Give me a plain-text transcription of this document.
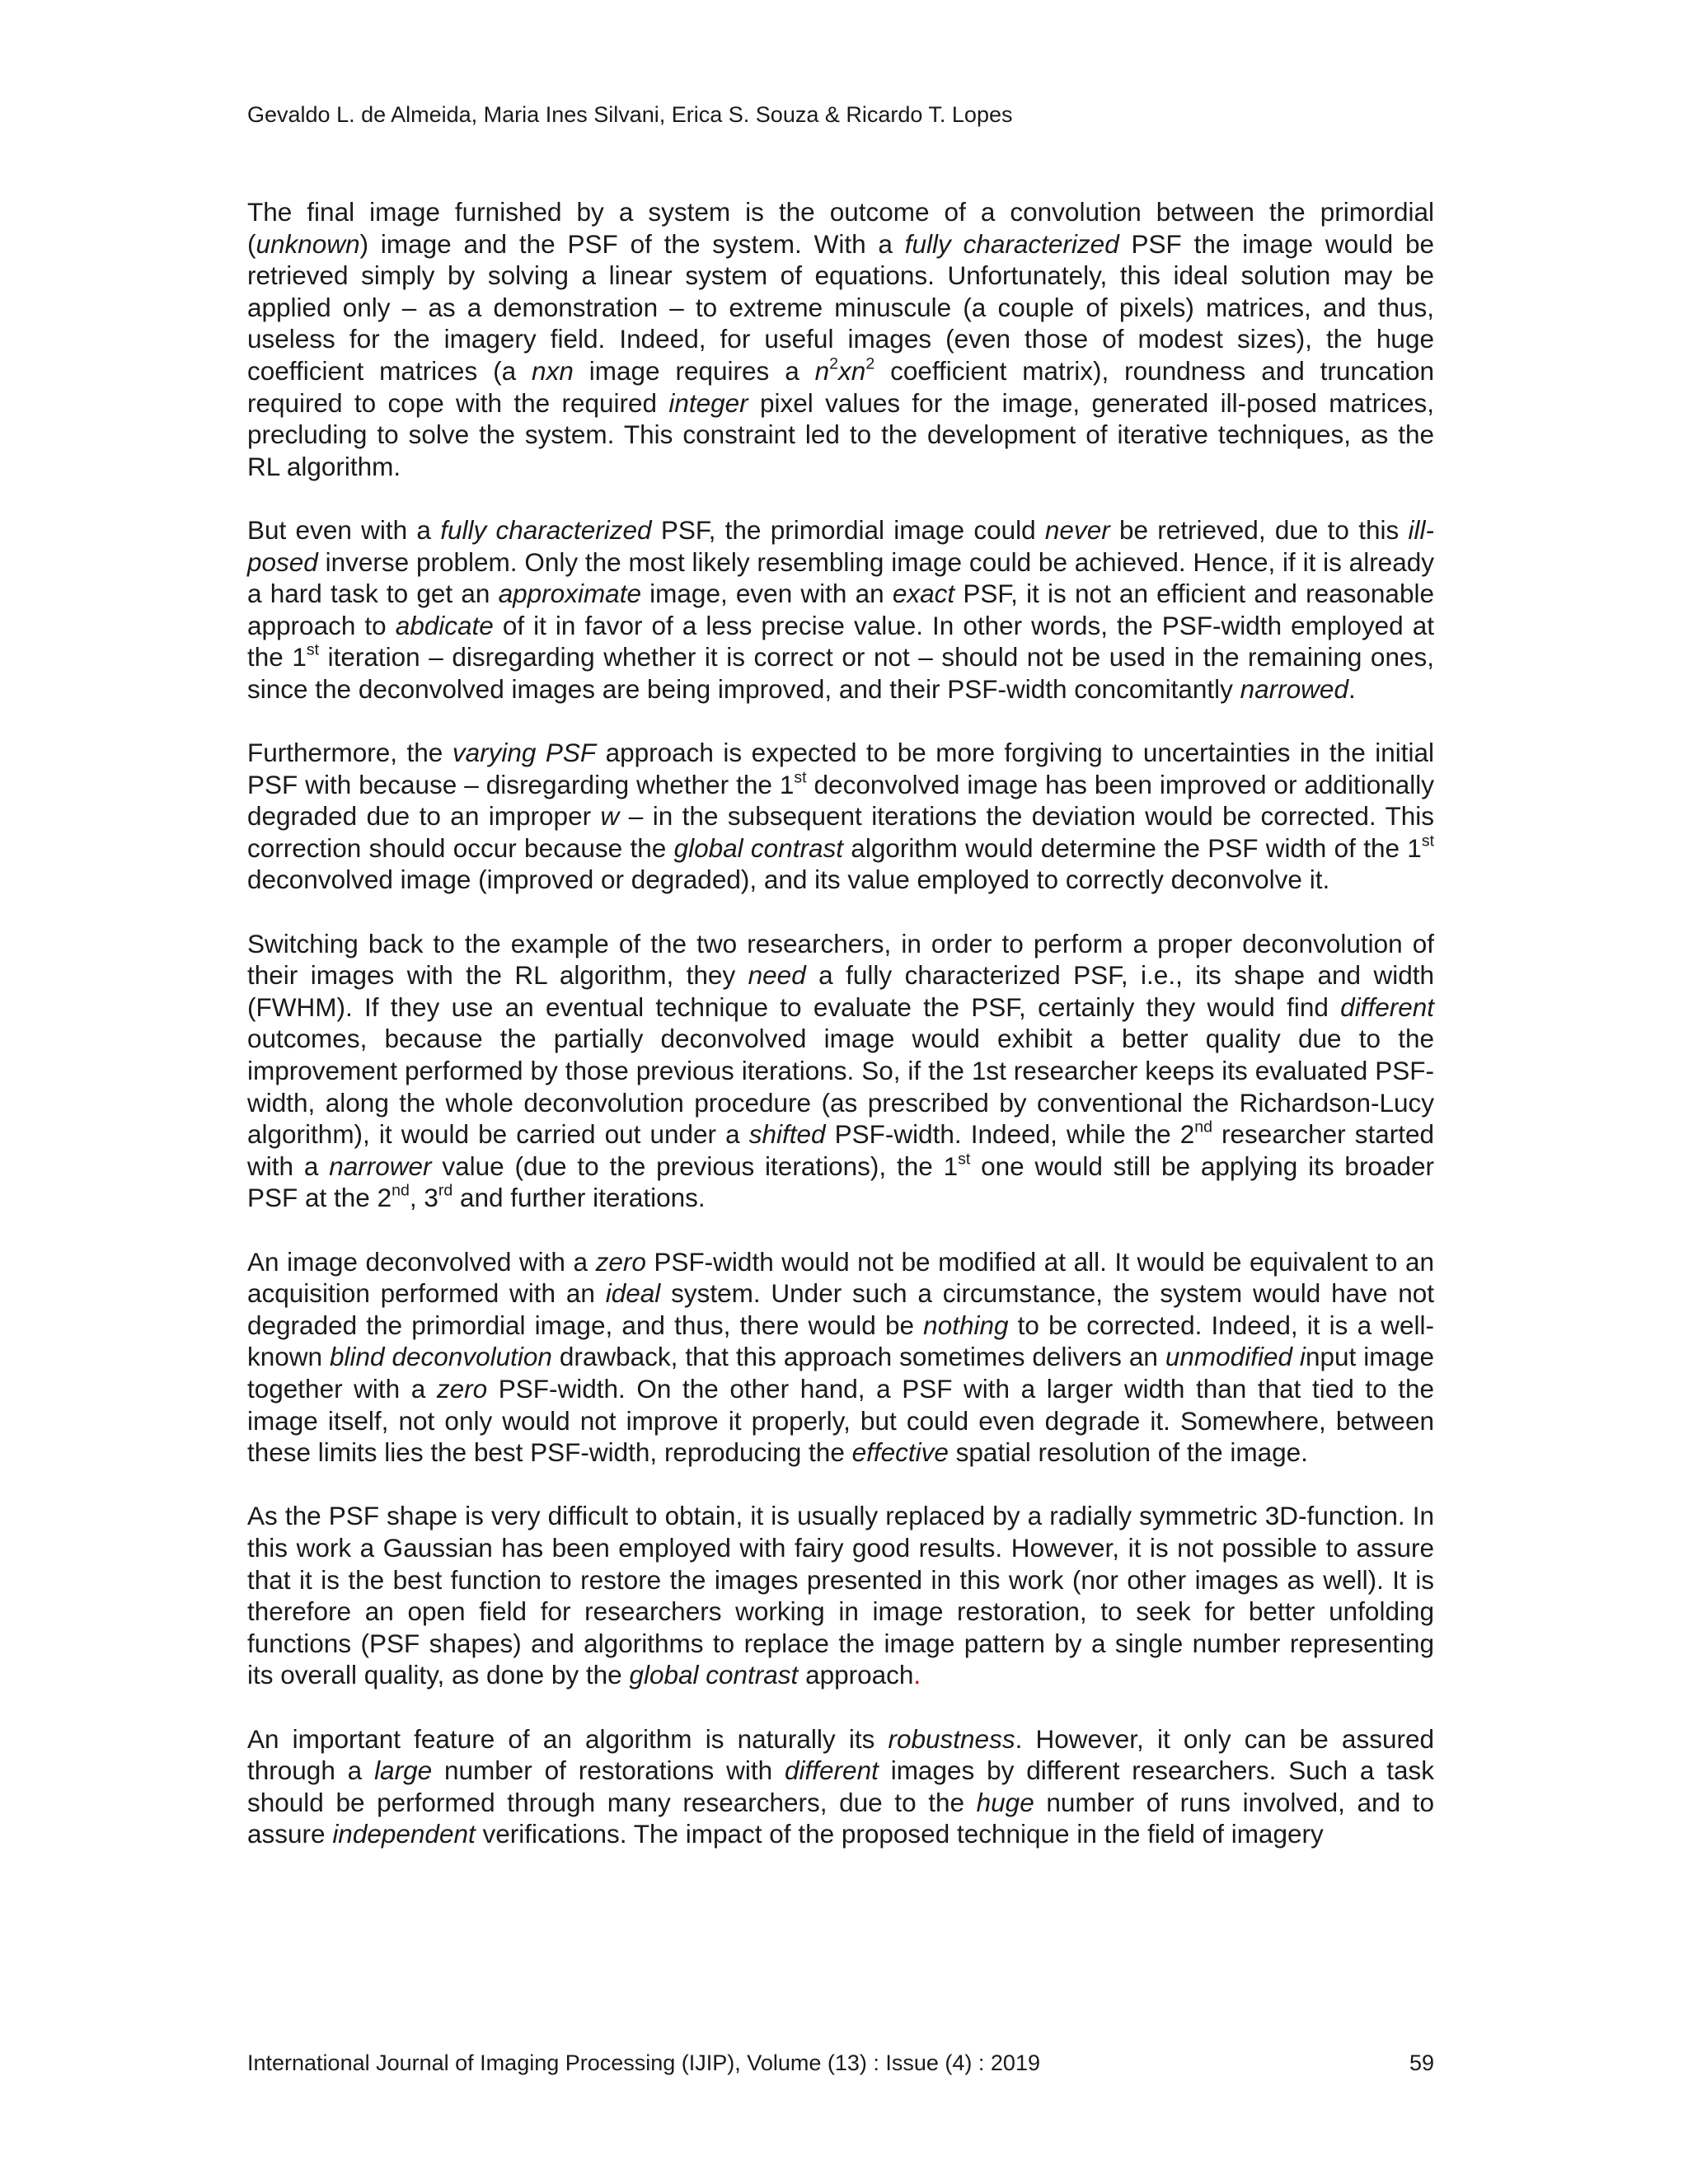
Gevaldo L. de Almeida, Maria Ines Silvani, Erica S. Souza & Ricardo T. Lopes

The final image furnished by a system is the outcome of a convolution between the primordial (unknown) image and the PSF of the system. With a fully characterized PSF the image would be retrieved simply by solving a linear system of equations. Unfortunately, this ideal solution may be applied only – as a demonstration – to extreme minuscule (a couple of pixels) matrices, and thus, useless for the imagery field. Indeed, for useful images (even those of modest sizes), the huge coefficient matrices (a nxn image requires a $n^2xn^2$ coefficient matrix), roundness and truncation required to cope with the required integer pixel values for the image, generated ill-posed matrices, precluding to solve the system. This constraint led to the development of iterative techniques, as the RL algorithm.

But even with a fully characterized PSF, the primordial image could never be retrieved, due to this ill-posed inverse problem. Only the most likely resembling image could be achieved. Hence, if it is already a hard task to get an approximate image, even with an exact PSF, it is not an efficient and reasonable approach to abdicate of it in favor of a less precise value. In other words, the PSF-width employed at the 1st iteration – disregarding whether it is correct or not – should not be used in the remaining ones, since the deconvolved images are being improved, and their PSF-width concomitantly narrowed.

Furthermore, the varying PSF approach is expected to be more forgiving to uncertainties in the initial PSF with because – disregarding whether the 1st deconvolved image has been improved or additionally degraded due to an improper w – in the subsequent iterations the deviation would be corrected. This correction should occur because the global contrast algorithm would determine the PSF width of the 1st deconvolved image (improved or degraded), and its value employed to correctly deconvolve it.

Switching back to the example of the two researchers, in order to perform a proper deconvolution of their images with the RL algorithm, they need a fully characterized PSF, i.e., its shape and width (FWHM). If they use an eventual technique to evaluate the PSF, certainly they would find different outcomes, because the partially deconvolved image would exhibit a better quality due to the improvement performed by those previous iterations. So, if the 1st researcher keeps its evaluated PSF-width, along the whole deconvolution procedure (as prescribed by conventional the Richardson-Lucy algorithm), it would be carried out under a shifted PSF-width. Indeed, while the 2nd researcher started with a narrower value (due to the previous iterations), the 1st one would still be applying its broader PSF at the 2nd, 3rd and further iterations.

An image deconvolved with a zero PSF-width would not be modified at all. It would be equivalent to an acquisition performed with an ideal system. Under such a circumstance, the system would have not degraded the primordial image, and thus, there would be nothing to be corrected. Indeed, it is a well-known blind deconvolution drawback, that this approach sometimes delivers an unmodified input image together with a zero PSF-width. On the other hand, a PSF with a larger width than that tied to the image itself, not only would not improve it properly, but could even degrade it. Somewhere, between these limits lies the best PSF-width, reproducing the effective spatial resolution of the image.

As the PSF shape is very difficult to obtain, it is usually replaced by a radially symmetric 3D-function. In this work a Gaussian has been employed with fairy good results. However, it is not possible to assure that it is the best function to restore the images presented in this work (nor other images as well). It is therefore an open field for researchers working in image restoration, to seek for better unfolding functions (PSF shapes) and algorithms to replace the image pattern by a single number representing its overall quality, as done by the global contrast approach.

An important feature of an algorithm is naturally its robustness. However, it only can be assured through a large number of restorations with different images by different researchers. Such a task should be performed through many researchers, due to the huge number of runs involved, and to assure independent verifications. The impact of the proposed technique in the field of imagery

International Journal of Imaging Processing (IJIP), Volume (13) : Issue (4) : 2019	59
